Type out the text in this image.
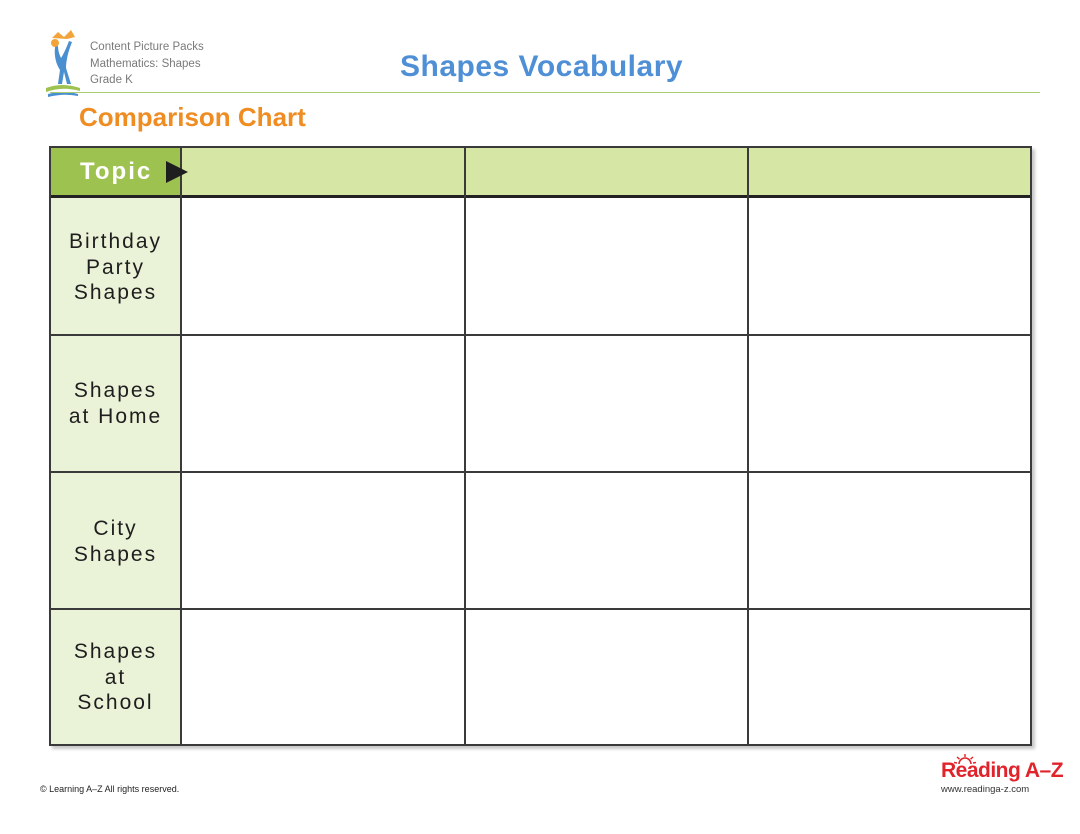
Content Picture Packs
Mathematics: Shapes
Grade K	Shapes Vocabulary
Comparison Chart
Topic
Birthday
Party
Shapes
Shapes
at Home
City
Shapes
Shapes
at
School
© Learning A–Z All rights reserved.
Reading A–Z
www.readinga-z.com
